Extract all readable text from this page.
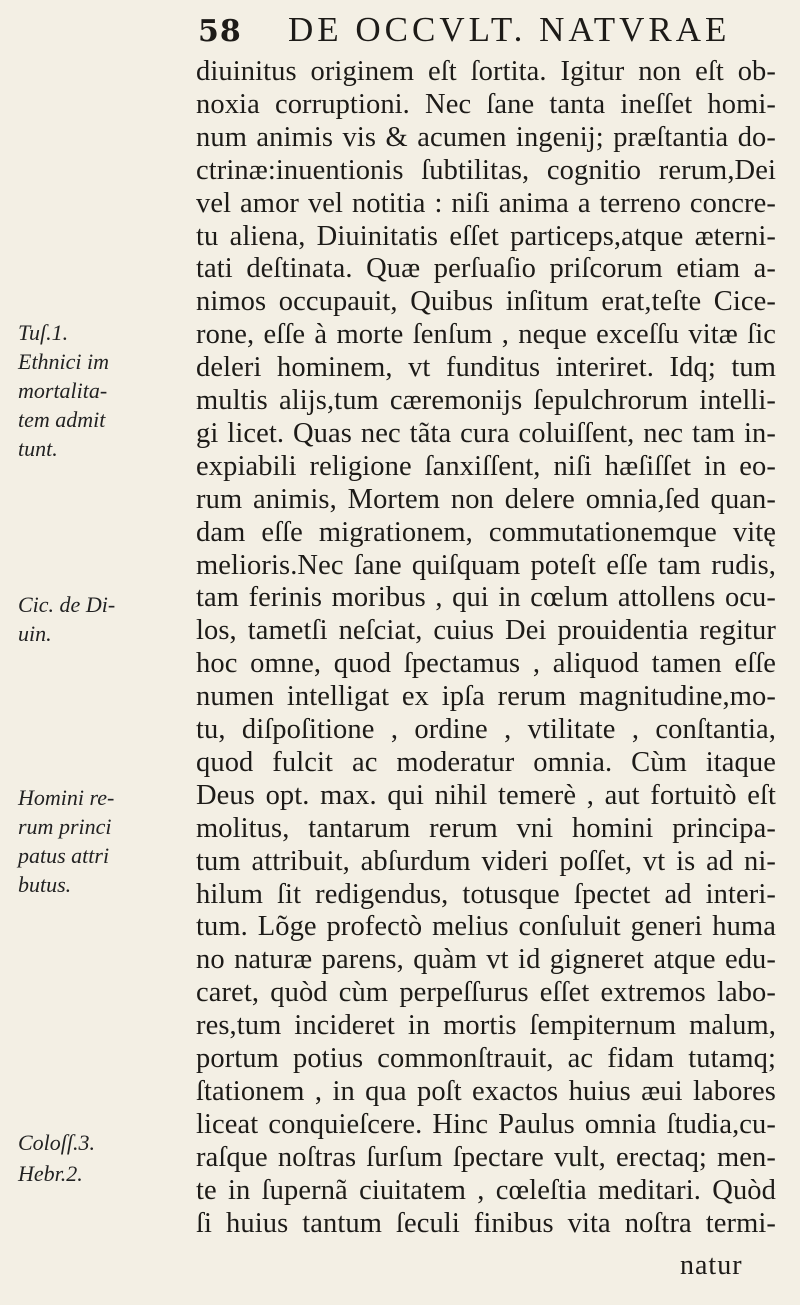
58 DE OCCVLT. NATVRAE
diuinitus originem eſt ſortita. Igitur non eſt ob-
noxia corruptioni. Nec ſane tanta ineſſet homi-
num animis vis & acumen ingenij; præſtantia do-
ctrinæ:inuentionis ſubtilitas, cognitio rerum,Dei
vel amor vel notitia : niſi anima a terreno concre-
tu aliena, Diuinitatis eſſet particeps,atque æterni-
tati deſtinata. Quæ perſuaſio priſcorum etiam a-
nimos occupauit, Quibus inſitum erat,teſte Cice-
rone, eſſe à morte ſenſum , neque exceſſu vitæ ſic
deleri hominem, vt funditus interiret. Idq; tum
multis alijs,tum cæremonijs ſepulchrorum intelli-
gi licet. Quas nec tãta cura coluiſſent, nec tam in-
expiabili religione ſanxiſſent, niſi hæſiſſet in eo-
rum animis, Mortem non delere omnia,ſed quan-
dam eſſe migrationem, commutationemque vitę
melioris.Nec ſane quiſquam poteſt eſſe tam rudis,
tam ferinis moribus , qui in cœlum attollens ocu-
los, tametſi neſciat, cuius Dei prouidentia regitur
hoc omne, quod ſpectamus , aliquod tamen eſſe
numen intelligat ex ipſa rerum magnitudine,mo-
tu, diſpoſitione , ordine , vtilitate , conſtantia,
quod fulcit ac moderatur omnia. Cùm itaque
Deus opt. max. qui nihil temerè , aut fortuitò eſt
molitus, tantarum rerum vni homini principa-
tum attribuit, abſurdum videri poſſet, vt is ad ni-
hilum ſit redigendus, totusque ſpectet ad interi-
tum. Lõge profectò melius conſuluit generi huma
no naturæ parens, quàm vt id gigneret atque edu-
caret, quòd cùm perpeſſurus eſſet extremos labo-
res,tum incideret in mortis ſempiternum malum,
portum potius commonſtrauit, ac fidam tutamq;
ſtationem , in qua poſt exactos huius æui labores
liceat conquieſcere. Hinc Paulus omnia ſtudia,cu-
raſque noſtras ſurſum ſpectare vult, erectaq; men-
te in ſupernã ciuitatem , cœleſtia meditari. Quòd
ſi huius tantum ſeculi finibus vita noſtra termi-
natur
Tuſ.1.
Ethnici im
mortalita-
tem admit
tunt.
Cic. de Di-
uin.
Homini re-
rum princi
patus attri
butus.
Coloſſ.3.
Hebr.2.
